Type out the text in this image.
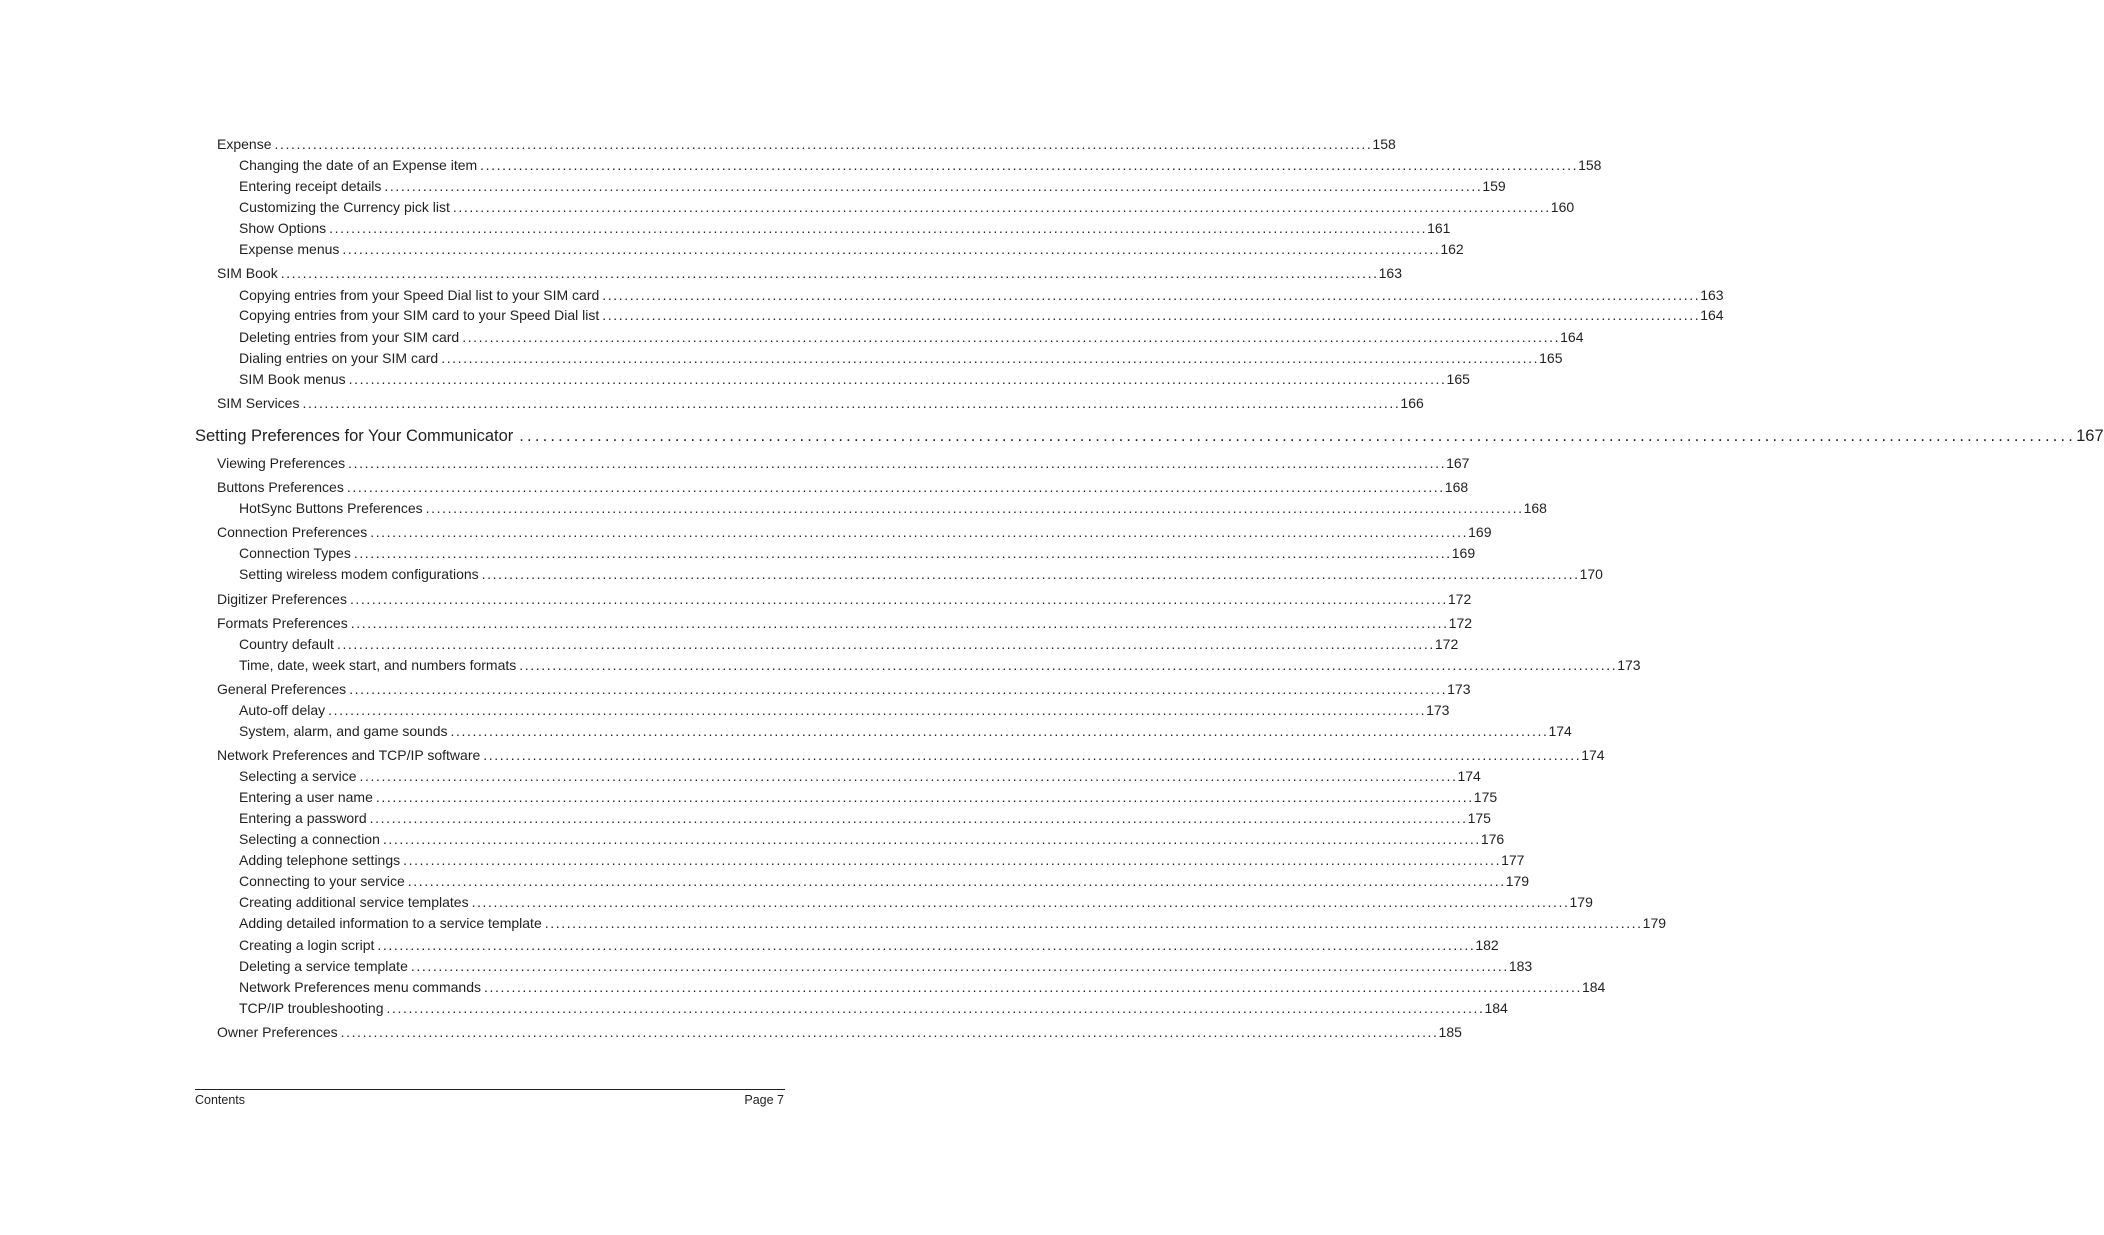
Expense ........................................................................................................................................................................................................ 158
Changing the date of an Expense item ........................................................................................................................................................................................................ 158
Entering receipt details ........................................................................................................................................................................................................ 159
Customizing the Currency pick list ........................................................................................................................................................................................................ 160
Show Options ........................................................................................................................................................................................................ 161
Expense menus ........................................................................................................................................................................................................ 162
SIM Book ........................................................................................................................................................................................................ 163
Copying entries from your Speed Dial list to your SIM card ........................................................................................................................................................................................................ 163
Copying entries from your SIM card to your Speed Dial list ........................................................................................................................................................................................................ 164
Deleting entries from your SIM card ........................................................................................................................................................................................................ 164
Dialing entries on your SIM card ........................................................................................................................................................................................................ 165
SIM Book menus ........................................................................................................................................................................................................ 165
SIM Services ........................................................................................................................................................................................................ 166
Setting Preferences for Your Communicator ........................................................................................................................................................................................................ 167
Viewing Preferences ........................................................................................................................................................................................................ 167
Buttons Preferences ........................................................................................................................................................................................................ 168
HotSync Buttons Preferences ........................................................................................................................................................................................................ 168
Connection Preferences ........................................................................................................................................................................................................ 169
Connection Types ........................................................................................................................................................................................................ 169
Setting wireless modem configurations ........................................................................................................................................................................................................ 170
Digitizer Preferences ........................................................................................................................................................................................................ 172
Formats Preferences ........................................................................................................................................................................................................ 172
Country default ........................................................................................................................................................................................................ 172
Time, date, week start, and numbers formats ........................................................................................................................................................................................................ 173
General Preferences ........................................................................................................................................................................................................ 173
Auto-off delay ........................................................................................................................................................................................................ 173
System, alarm, and game sounds ........................................................................................................................................................................................................ 174
Network Preferences and TCP/IP software ........................................................................................................................................................................................................ 174
Selecting a service ........................................................................................................................................................................................................ 174
Entering a user name ........................................................................................................................................................................................................ 175
Entering a password ........................................................................................................................................................................................................ 175
Selecting a connection ........................................................................................................................................................................................................ 176
Adding telephone settings ........................................................................................................................................................................................................ 177
Connecting to your service ........................................................................................................................................................................................................ 179
Creating additional service templates ........................................................................................................................................................................................................ 179
Adding detailed information to a service template ........................................................................................................................................................................................................ 179
Creating a login script ........................................................................................................................................................................................................ 182
Deleting a service template ........................................................................................................................................................................................................ 183
Network Preferences menu commands ........................................................................................................................................................................................................ 184
TCP/IP troubleshooting ........................................................................................................................................................................................................ 184
Owner Preferences ........................................................................................................................................................................................................ 185
Contents	Page 7
